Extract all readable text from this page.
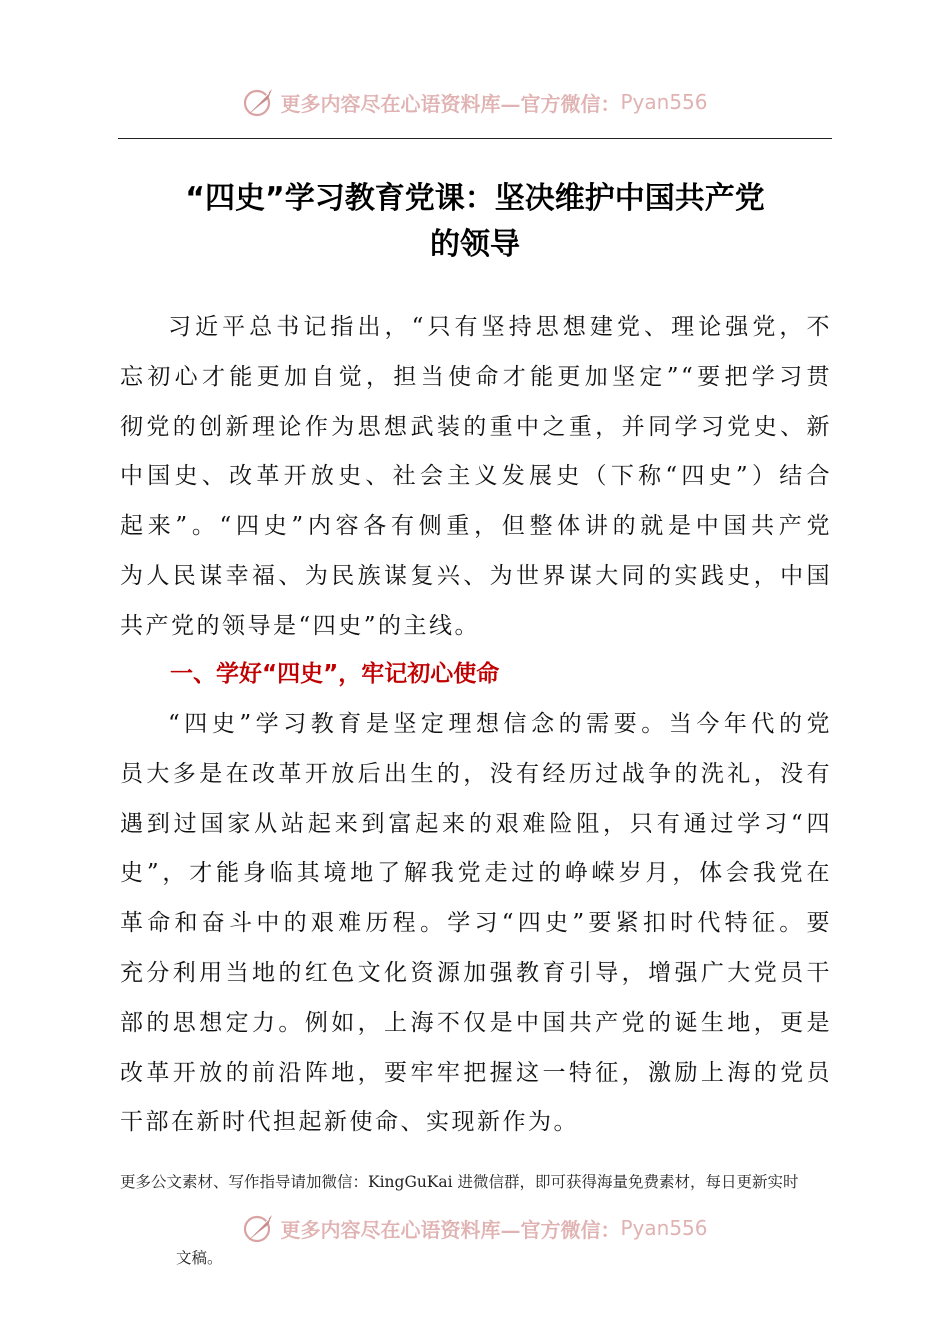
更多内容尽在心语资料库—官方微信： Pyan556
“四史”学习教育党课：坚决维护中国共产党
的领导
习近平总书记指出，“只有坚持思想建党、理论强党，不
忘初心才能更加自觉，担当使命才能更加坚定”“要把学习贯
彻党的创新理论作为思想武装的重中之重，并同学习党史、新
中国史、改革开放史、社会主义发展史（下称“四史”）结合
起来”。“四史”内容各有侧重，但整体讲的就是中国共产党
为人民谋幸福、为民族谋复兴、为世界谋大同的实践史，中国
共产党的领导是“四史”的主线。
一、学好“四史”，牢记初心使命
“四史”学习教育是坚定理想信念的需要。当今年代的党
员大多是在改革开放后出生的，没有经历过战争的洗礼，没有
遇到过国家从站起来到富起来的艰难险阻，只有通过学习“四
史”，才能身临其境地了解我党走过的峥嵘岁月，体会我党在
革命和奋斗中的艰难历程。学习“四史”要紧扣时代特征。要
充分利用当地的红色文化资源加强教育引导，增强广大党员干
部的思想定力。例如，上海不仅是中国共产党的诞生地，更是
改革开放的前沿阵地，要牢牢把握这一特征，激励上海的党员
干部在新时代担起新使命、实现新作为。
更多公文素材、写作指导请加微信：KingGuKai 进微信群，即可获得海量免费素材，每日更新实时
更多内容尽在心语资料库—官方微信： Pyan556
文稿。
